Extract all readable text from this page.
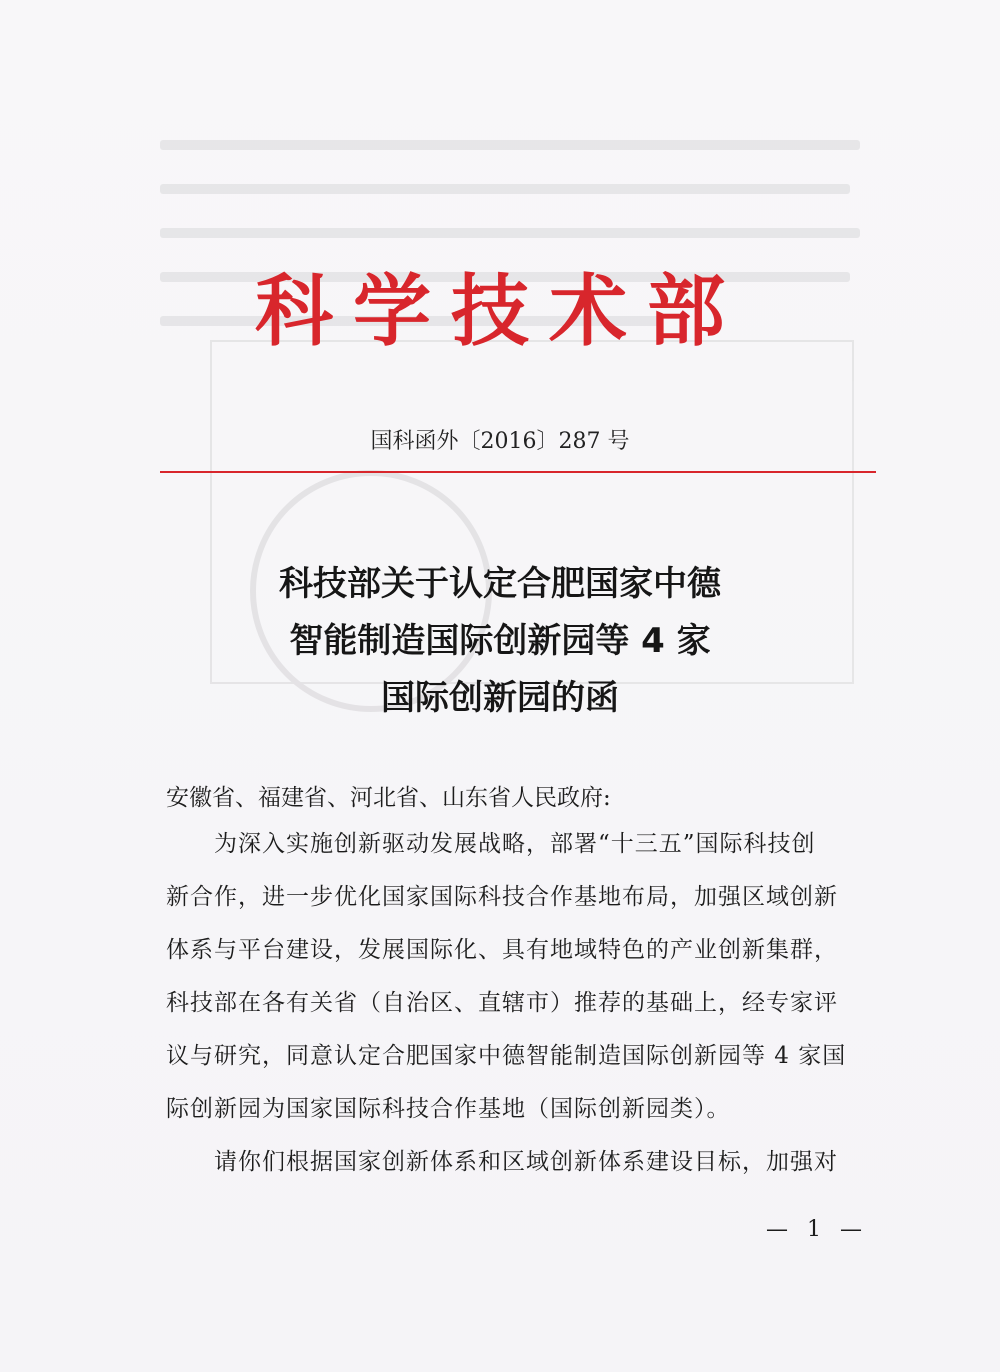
科学技术部
国科函外〔2016〕287 号
科技部关于认定合肥国家中德
智能制造国际创新园等 4 家
国际创新园的函
安徽省、福建省、河北省、山东省人民政府:
为深入实施创新驱动发展战略，部署“十三五”国际科技创
新合作，进一步优化国家国际科技合作基地布局，加强区域创新
体系与平台建设，发展国际化、具有地域特色的产业创新集群，
科技部在各有关省（自治区、直辖市）推荐的基础上，经专家评
议与研究，同意认定合肥国家中德智能制造国际创新园等 4 家国
际创新园为国家国际科技合作基地（国际创新园类）。
请你们根据国家创新体系和区域创新体系建设目标，加强对
— 1 —
